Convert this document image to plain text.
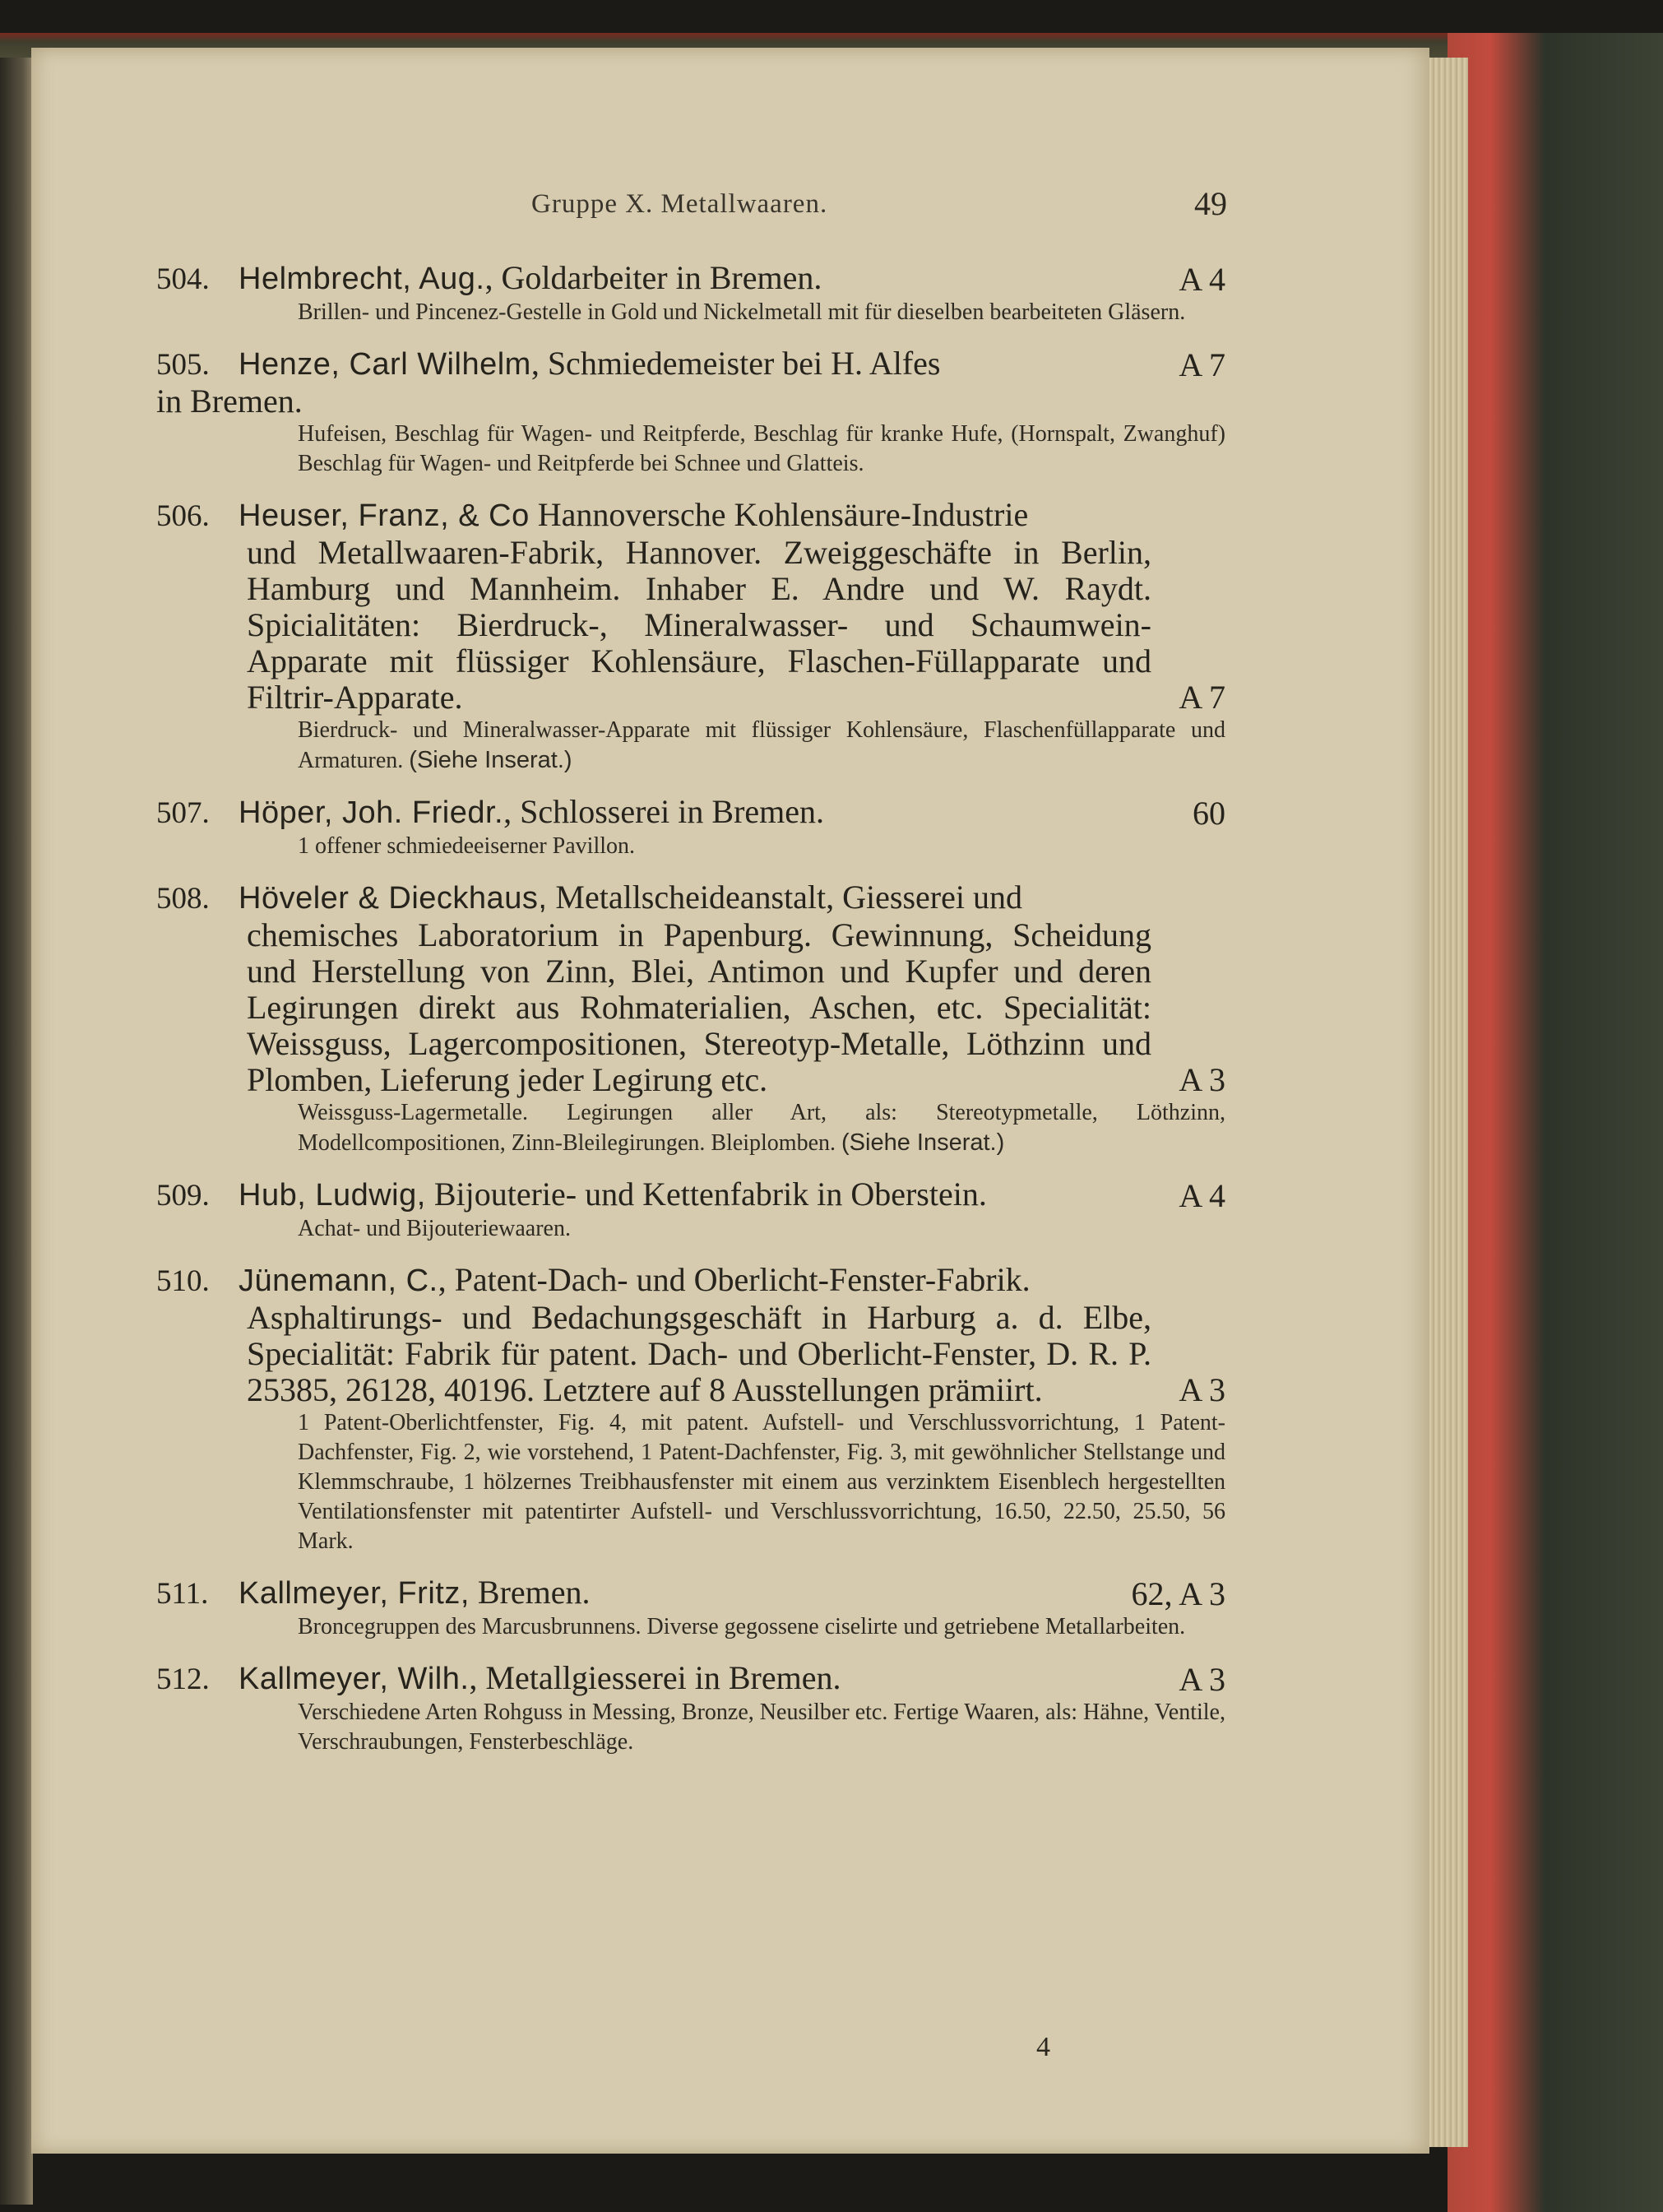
Gruppe X. Metallwaaren.	49
504. Helmbrecht, Aug., Goldarbeiter in Bremen.	A 4
Brillen- und Pincenez-Gestelle in Gold und Nickelmetall mit für dieselben bearbeiteten Gläsern.
505. Henze, Carl Wilhelm, Schmiedemeister bei H. Alfes	A 7
in Bremen.
Hufeisen, Beschlag für Wagen- und Reitpferde, Beschlag für kranke Hufe, (Hornspalt, Zwanghuf) Beschlag für Wagen- und Reitpferde bei Schnee und Glatteis.
506. Heuser, Franz, & Co Hannoversche Kohlensäure-Industrie
und Metallwaaren-Fabrik, Hannover. Zweiggeschäfte in Berlin, Hamburg und Mannheim. Inhaber E. Andre und W. Raydt. Spicialitäten: Bierdruck-, Mineralwasser- und Schaumwein-Apparate mit flüssiger Kohlensäure, Flaschen-Füllapparate und Filtrir-Apparate.	A 7
Bierdruck- und Mineralwasser-Apparate mit flüssiger Kohlensäure, Flaschenfüllapparate und Armaturen. (Siehe Inserat.)
507. Höper, Joh. Friedr., Schlosserei in Bremen.	60
1 offener schmiedeeiserner Pavillon.
508. Höveler & Dieckhaus, Metallscheideanstalt, Giesserei und
chemisches Laboratorium in Papenburg. Gewinnung, Scheidung und Herstellung von Zinn, Blei, Antimon und Kupfer und deren Legirungen direkt aus Rohmaterialien, Aschen, etc. Specialität: Weissguss, Lagercompositionen, Stereotyp-Metalle, Löthzinn und Plomben, Lieferung jeder Legirung etc.	A 3
Weissguss-Lagermetalle. Legirungen aller Art, als: Stereotypmetalle, Löthzinn, Modellcompositionen, Zinn-Bleilegirungen. Bleiplomben. (Siehe Inserat.)
509. Hub, Ludwig, Bijouterie- und Kettenfabrik in Oberstein.	A 4
Achat- und Bijouteriewaaren.
510. Jünemann, C., Patent-Dach- und Oberlicht-Fenster-Fabrik.
Asphaltirungs- und Bedachungsgeschäft in Harburg a. d. Elbe, Specialität: Fabrik für patent. Dach- und Oberlicht-Fenster, D. R. P. 25385, 26128, 40196. Letztere auf 8 Ausstellungen prämiirt.	A 3
1 Patent-Oberlichtfenster, Fig. 4, mit patent. Aufstell- und Verschlussvorrichtung, 1 Patent-Dachfenster, Fig. 2, wie vorstehend, 1 Patent-Dachfenster, Fig. 3, mit gewöhnlicher Stellstange und Klemmschraube, 1 hölzernes Treibhausfenster mit einem aus verzinktem Eisenblech hergestellten Ventilationsfenster mit patentirter Aufstell- und Verschlussvorrichtung, 16.50, 22.50, 25.50, 56 Mark.
511. Kallmeyer, Fritz, Bremen.	62, A 3
Broncegruppen des Marcusbrunnens. Diverse gegossene ciselirte und getriebene Metallarbeiten.
512. Kallmeyer, Wilh., Metallgiesserei in Bremen.	A 3
Verschiedene Arten Rohguss in Messing, Bronze, Neusilber etc. Fertige Waaren, als: Hähne, Ventile, Verschraubungen, Fensterbeschläge.
4
